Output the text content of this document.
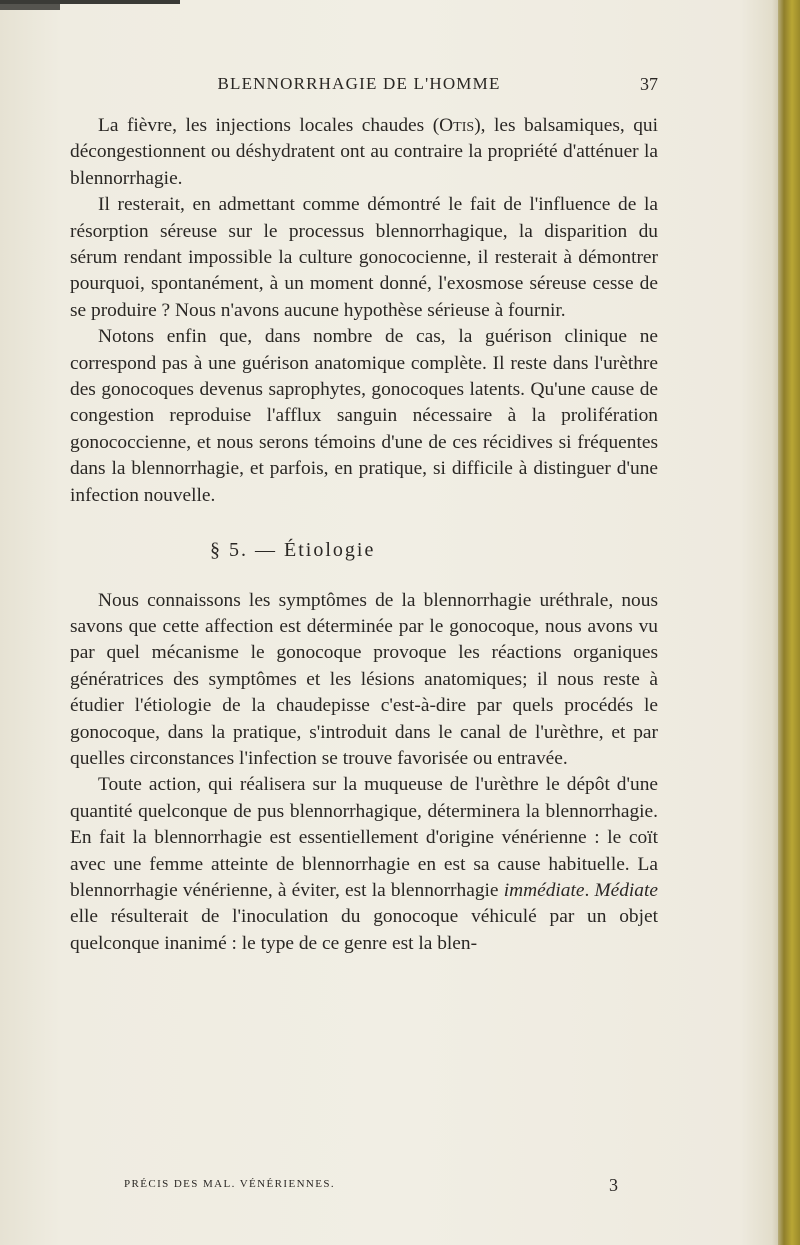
BLENNORRHAGIE DE L'HOMME	37

La fièvre, les injections locales chaudes (Otis), les balsamiques, qui décongestionnent ou déshydratent ont au contraire la propriété d'atténuer la blennorrhagie.

Il resterait, en admettant comme démontré le fait de l'influence de la résorption séreuse sur le processus blennorrhagique, la disparition du sérum rendant impossible la culture gonococienne, il resterait à démontrer pourquoi, spontanément, à un moment donné, l'exosmose séreuse cesse de se produire ? Nous n'avons aucune hypothèse sérieuse à fournir.

Notons enfin que, dans nombre de cas, la guérison clinique ne correspond pas à une guérison anatomique complète. Il reste dans l'urèthre des gonocoques devenus saprophytes, gonocoques latents. Qu'une cause de congestion reproduise l'afflux sanguin nécessaire à la prolifération gonococcienne, et nous serons témoins d'une de ces récidives si fréquentes dans la blennorrhagie, et parfois, en pratique, si difficile à distinguer d'une infection nouvelle.

§ 5. — Étiologie

Nous connaissons les symptômes de la blennorrhagie uréthrale, nous savons que cette affection est déterminée par le gonocoque, nous avons vu par quel mécanisme le gonocoque provoque les réactions organiques génératrices des symptômes et les lésions anatomiques; il nous reste à étudier l'étiologie de la chaudepisse c'est-à-dire par quels procédés le gonocoque, dans la pratique, s'introduit dans le canal de l'urèthre, et par quelles circonstances l'infection se trouve favorisée ou entravée.

Toute action, qui réalisera sur la muqueuse de l'urèthre le dépôt d'une quantité quelconque de pus blennorrhagique, déterminera la blennorrhagie. En fait la blennorrhagie est essentiellement d'origine vénérienne : le coït avec une femme atteinte de blennorrhagie en est sa cause habituelle. La blennorrhagie vénérienne, à éviter, est la blennorrhagie immédiate. Médiate elle résulterait de l'inoculation du gonocoque véhiculé par un objet quelconque inanimé : le type de ce genre est la blen-

PRÉCIS DES MAL. VÉNÉRIENNES.	3
